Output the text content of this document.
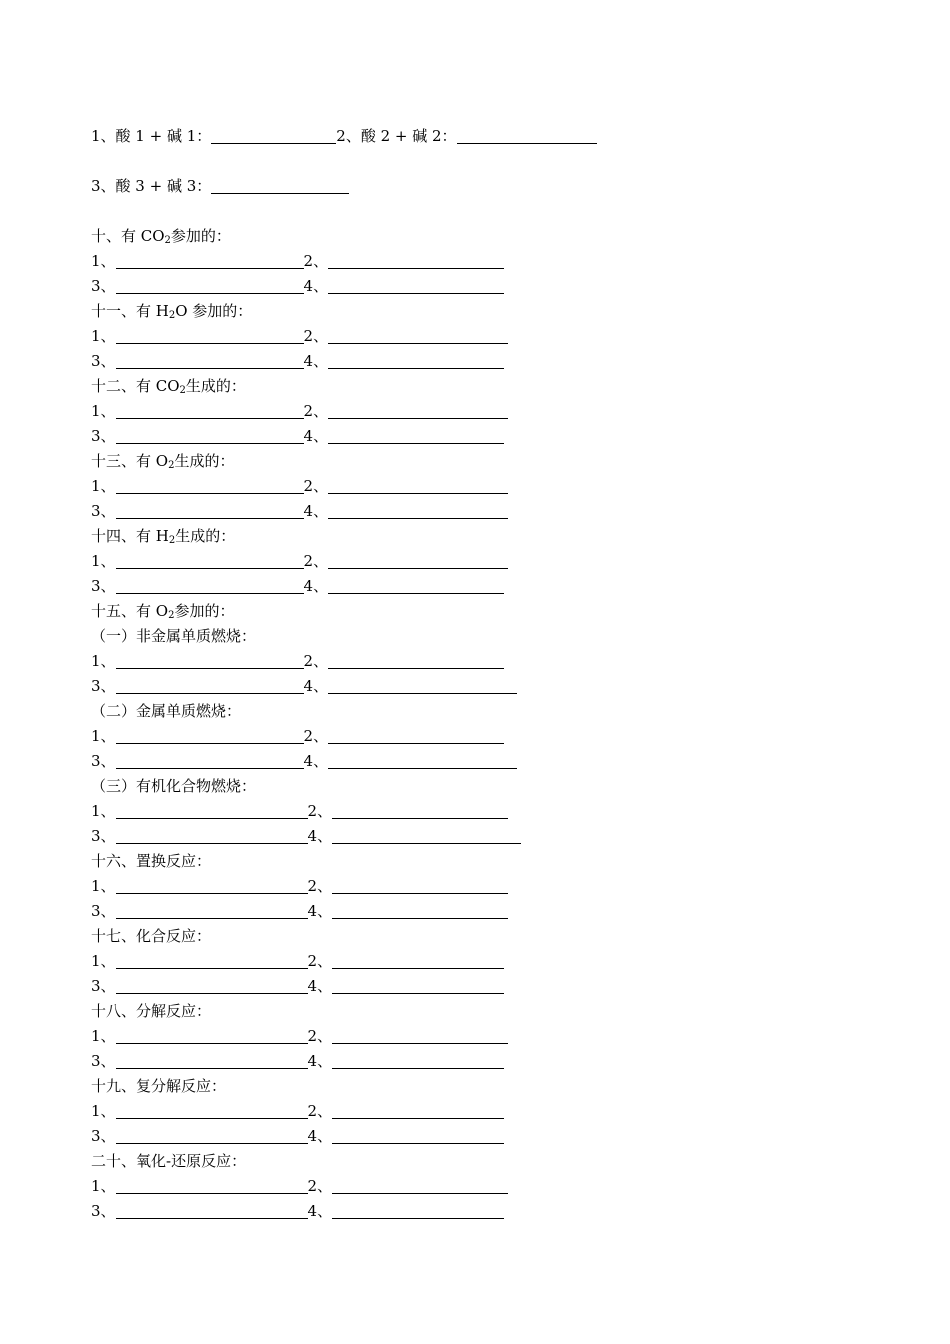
1、酸 1 + 碱 1：	2、酸 2 + 碱 2：
3、酸 3 + 碱 3：
十、有 $CO_2$参加的：
1、	2、
3、	4、
十一、有 $H_2O$ 参加的：
1、	2、
3、	4、
十二、有 $CO_2$生成的：
1、	2、
3、	4、
十三、有 $O_2$生成的：
1、	2、
3、	4、
十四、有 $H_2$生成的：
1、	2、
3、	4、
十五、有 $O_2$参加的：
（一）非金属单质燃烧：
1、	2、
3、	4、
（二）金属单质燃烧：
1、	2、
3、	4、
（三）有机化合物燃烧：
1、	2、
3、	4、
十六、置换反应：
1、	2、
3、	4、
十七、化合反应：
1、	2、
3、	4、
十八、分解反应：
1、	2、
3、	4、
十九、复分解反应：
1、	2、
3、	4、
二十、氧化-还原反应：
1、	2、
3、	4、
